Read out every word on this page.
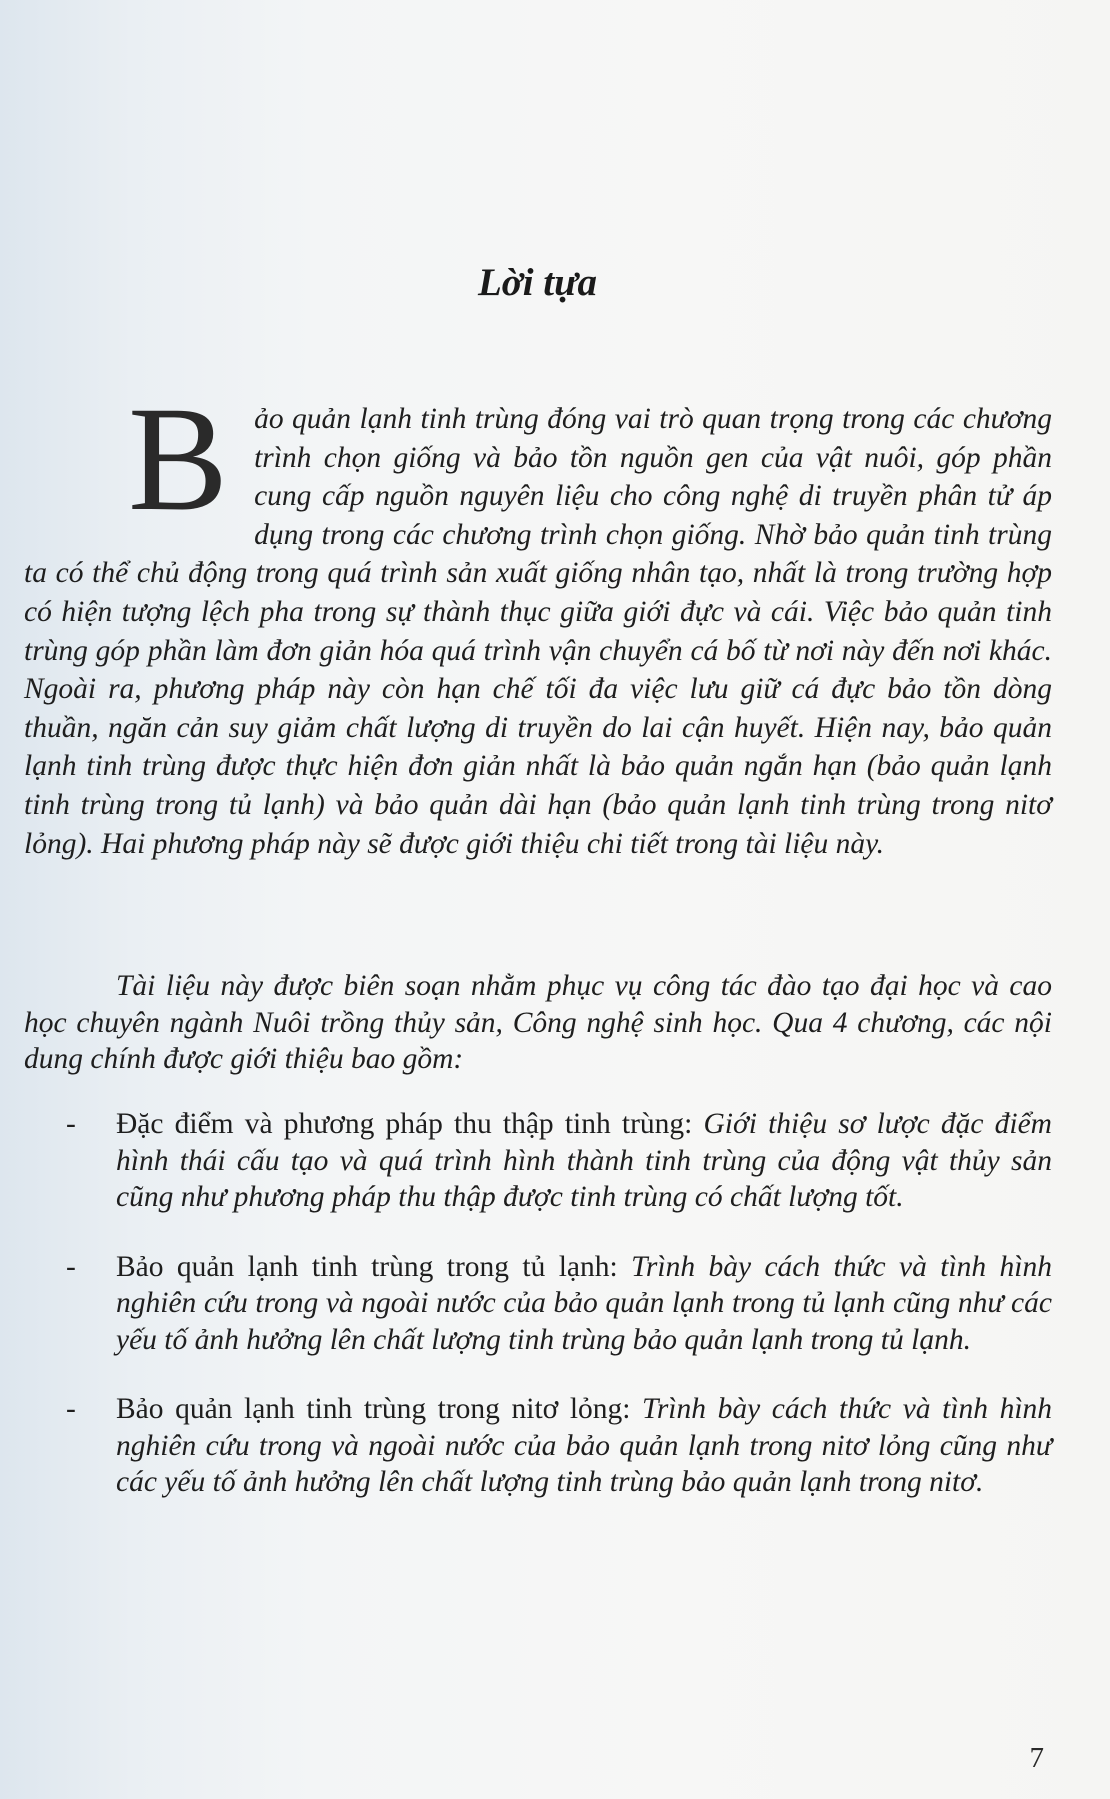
Lời tựa

Bảo quản lạnh tinh trùng đóng vai trò quan trọng trong các chương trình chọn giống và bảo tồn nguồn gen của vật nuôi, góp phần cung cấp nguồn nguyên liệu cho công nghệ di truyền phân tử áp dụng trong các chương trình chọn giống. Nhờ bảo quản tinh trùng ta có thể chủ động trong quá trình sản xuất giống nhân tạo, nhất là trong trường hợp có hiện tượng lệch pha trong sự thành thục giữa giới đực và cái. Việc bảo quản tinh trùng góp phần làm đơn giản hóa quá trình vận chuyển cá bố từ nơi này đến nơi khác. Ngoài ra, phương pháp này còn hạn chế tối đa việc lưu giữ cá đực bảo tồn dòng thuần, ngăn cản suy giảm chất lượng di truyền do lai cận huyết. Hiện nay, bảo quản lạnh tinh trùng được thực hiện đơn giản nhất là bảo quản ngắn hạn (bảo quản lạnh tinh trùng trong tủ lạnh) và bảo quản dài hạn (bảo quản lạnh tinh trùng trong nitơ lỏng). Hai phương pháp này sẽ được giới thiệu chi tiết trong tài liệu này.

Tài liệu này được biên soạn nhằm phục vụ công tác đào tạo đại học và cao học chuyên ngành Nuôi trồng thủy sản, Công nghệ sinh học. Qua 4 chương, các nội dung chính được giới thiệu bao gồm:

- Đặc điểm và phương pháp thu thập tinh trùng: Giới thiệu sơ lược đặc điểm hình thái cấu tạo và quá trình hình thành tinh trùng của động vật thủy sản cũng như phương pháp thu thập được tinh trùng có chất lượng tốt.
- Bảo quản lạnh tinh trùng trong tủ lạnh: Trình bày cách thức và tình hình nghiên cứu trong và ngoài nước của bảo quản lạnh trong tủ lạnh cũng như các yếu tố ảnh hưởng lên chất lượng tinh trùng bảo quản lạnh trong tủ lạnh.
- Bảo quản lạnh tinh trùng trong nitơ lỏng: Trình bày cách thức và tình hình nghiên cứu trong và ngoài nước của bảo quản lạnh trong nitơ lỏng cũng như các yếu tố ảnh hưởng lên chất lượng tinh trùng bảo quản lạnh trong nitơ.
7
